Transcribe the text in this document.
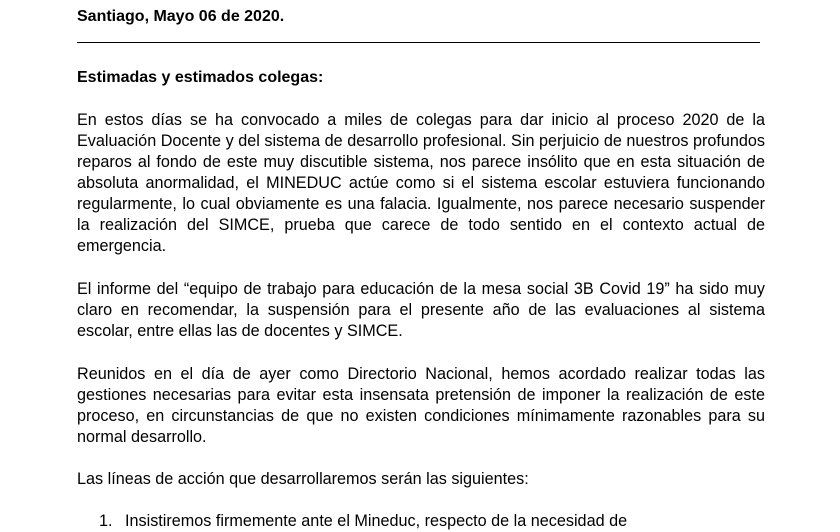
Santiago, Mayo 06 de 2020.
Estimadas y estimados colegas:

En estos días se ha convocado a miles de colegas para dar inicio al proceso 2020 de la Evaluación Docente y del sistema de desarrollo profesional. Sin perjuicio de nuestros profundos reparos al fondo de este muy discutible sistema, nos parece insólito que en esta situación de absoluta anormalidad, el MINEDUC actúe como si el sistema escolar estuviera funcionando regularmente, lo cual obviamente es una falacia. Igualmente, nos parece necesario suspender la realización del SIMCE, prueba que carece de todo sentido en el contexto actual de emergencia.

El informe del “equipo de trabajo para educación de la mesa social 3B Covid 19” ha sido muy claro en recomendar, la suspensión para el presente año de las evaluaciones al sistema escolar, entre ellas las de docentes y SIMCE.

Reunidos en el día de ayer como Directorio Nacional, hemos acordado realizar todas las gestiones necesarias para evitar esta insensata pretensión de imponer la realización de este proceso, en circunstancias de que no existen condiciones mínimamente razonables para su normal desarrollo.

Las líneas de acción que desarrollaremos serán las siguientes:

1. Insistiremos firmemente ante el Mineduc, respecto de la necesidad de
